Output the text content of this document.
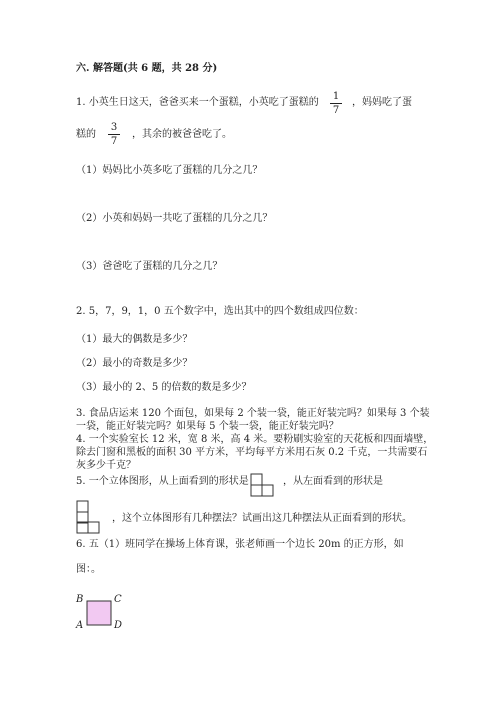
六. 解答题(共 6 题，共 28 分)
1. 小英生日这天，爸爸买来一个蛋糕，小英吃了蛋糕的
1
7
，妈妈吃了蛋
糕的
3
7
，其余的被爸爸吃了。
（1）妈妈比小英多吃了蛋糕的几分之几？
（2）小英和妈妈一共吃了蛋糕的几分之几？
（3）爸爸吃了蛋糕的几分之几？
2. 5，7，9，1，0 五个数字中，选出其中的四个数组成四位数：
（1）最大的偶数是多少？
（2）最小的奇数是多少？
（3）最小的 2、5 的倍数的数是多少？
3. 食品店运来 120 个面包，如果每 2 个装一袋，能正好装完吗？如果每 3 个装
一袋，能正好装完吗？如果每 5 个装一袋，能正好装完吗？
4. 一个实验室长 12 米，宽 8 米，高 4 米。要粉刷实验室的天花板和四面墙壁，
除去门窗和黑板的面积 30 平方米，平均每平方米用石灰 0.2 千克，一共需要石
灰多少千克？
5. 一个立体图形，从上面看到的形状是	，从左面看到的形状是
，这个立体图形有几种摆法？试画出这几种摆法从正面看到的形状。
6. 五（1）班同学在操场上体育课，张老师画一个边长 20m 的正方形，如
图：。
B	C
A	D
